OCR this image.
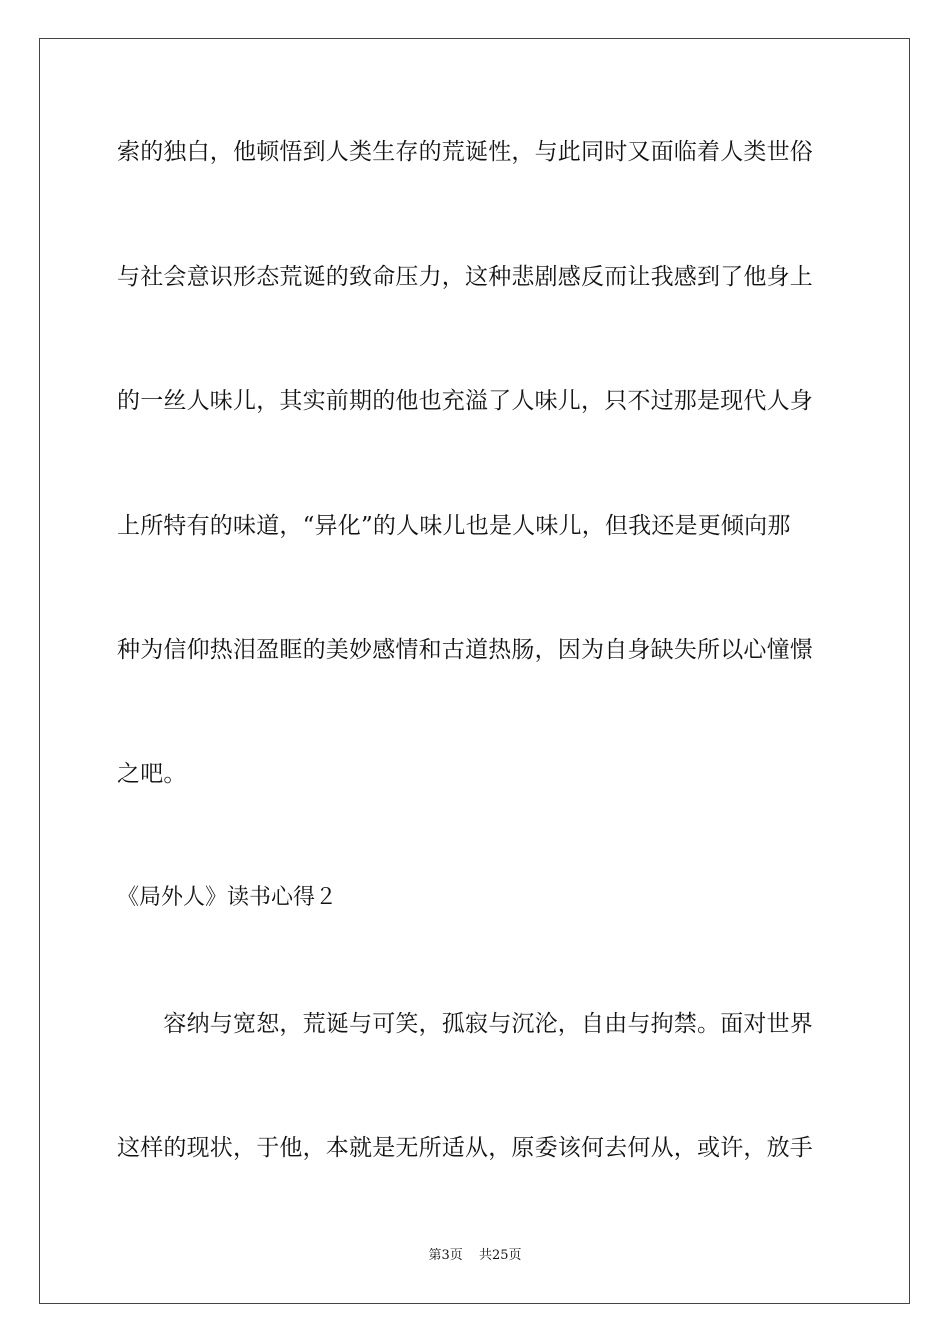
索的独白，他顿悟到人类生存的荒诞性，与此同时又面临着人类世俗
与社会意识形态荒诞的致命压力，这种悲剧感反而让我感到了他身上
的一丝人味儿，其实前期的他也充溢了人味儿，只不过那是现代人身
上所特有的味道，“异化”的人味儿也是人味儿，但我还是更倾向那
种为信仰热泪盈眶的美妙感情和古道热肠，因为自身缺失所以心憧憬
之吧。
《局外人》读书心得２
　　容纳与宽恕，荒诞与可笑，孤寂与沉沦，自由与拘禁。面对世界
这样的现状，于他，本就是无所适从，原委该何去何从，或许，放手
第3页 共25页
